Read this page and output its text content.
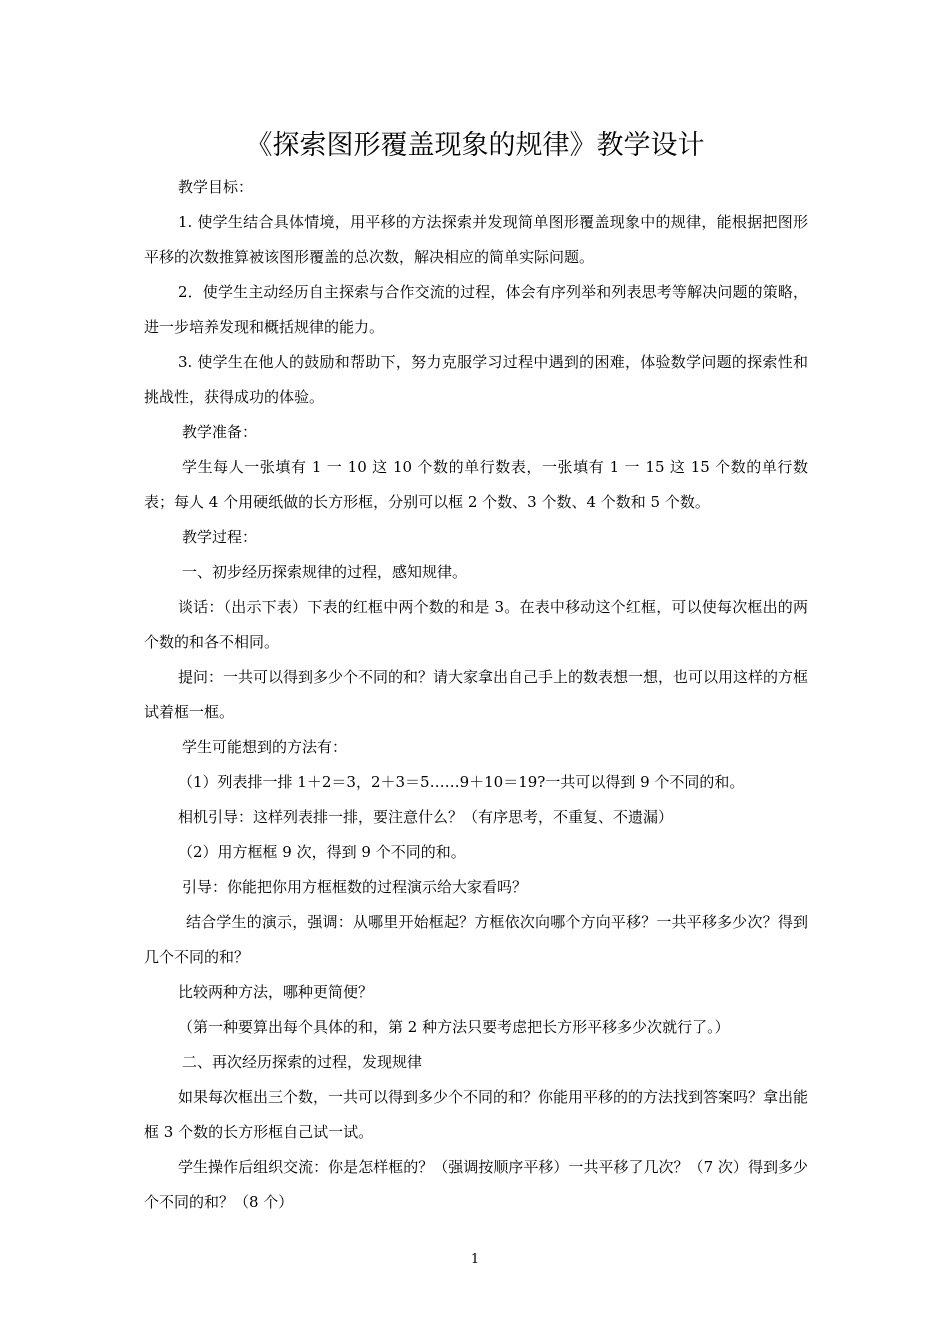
《探索图形覆盖现象的规律》教学设计

教学目标：

1. 使学生结合具体情境，用平移的方法探索并发现简单图形覆盖现象中的规律，能根据把图形平移的次数推算被该图形覆盖的总次数，解决相应的简单实际问题。

2．使学生主动经历自主探索与合作交流的过程，体会有序列举和列表思考等解决问题的策略，进一步培养发现和概括规律的能力。

3. 使学生在他人的鼓励和帮助下，努力克服学习过程中遇到的困难，体验数学问题的探索性和挑战性，获得成功的体验。

教学准备：

学生每人一张填有 1 一 10 这 10 个数的单行数表，一张填有 1 一 15 这 15 个数的单行数表；每人 4 个用硬纸做的长方形框，分别可以框 2 个数、3 个数、4 个数和 5 个数。

教学过程：

一、初步经历探索规律的过程，感知规律。

谈话：（出示下表）下表的红框中两个数的和是 3。在表中移动这个红框，可以使每次框出的两个数的和各不相同。

提问：一共可以得到多少个不同的和？请大家拿出自己手上的数表想一想，也可以用这样的方框试着框一框。

学生可能想到的方法有：

（1）列表排一排 1＋2＝3，2＋3＝5……9＋10＝19?一共可以得到 9 个不同的和。

相机引导：这样列表排一排，要注意什么？（有序思考，不重复、不遗漏）

（2）用方框框 9 次，得到 9 个不同的和。

引导：你能把你用方框框数的过程演示给大家看吗？

结合学生的演示，强调：从哪里开始框起？方框依次向哪个方向平移？一共平移多少次？得到几个不同的和？

比较两种方法，哪种更简便？

（第一种要算出每个具体的和，第 2 种方法只要考虑把长方形平移多少次就行了。）

二、再次经历探索的过程，发现规律

如果每次框出三个数，一共可以得到多少个不同的和？你能用平移的的方法找到答案吗？拿出能框 3 个数的长方形框自己试一试。

学生操作后组织交流：你是怎样框的？（强调按顺序平移）一共平移了几次？（7 次）得到多少个不同的和？（8 个）

1
